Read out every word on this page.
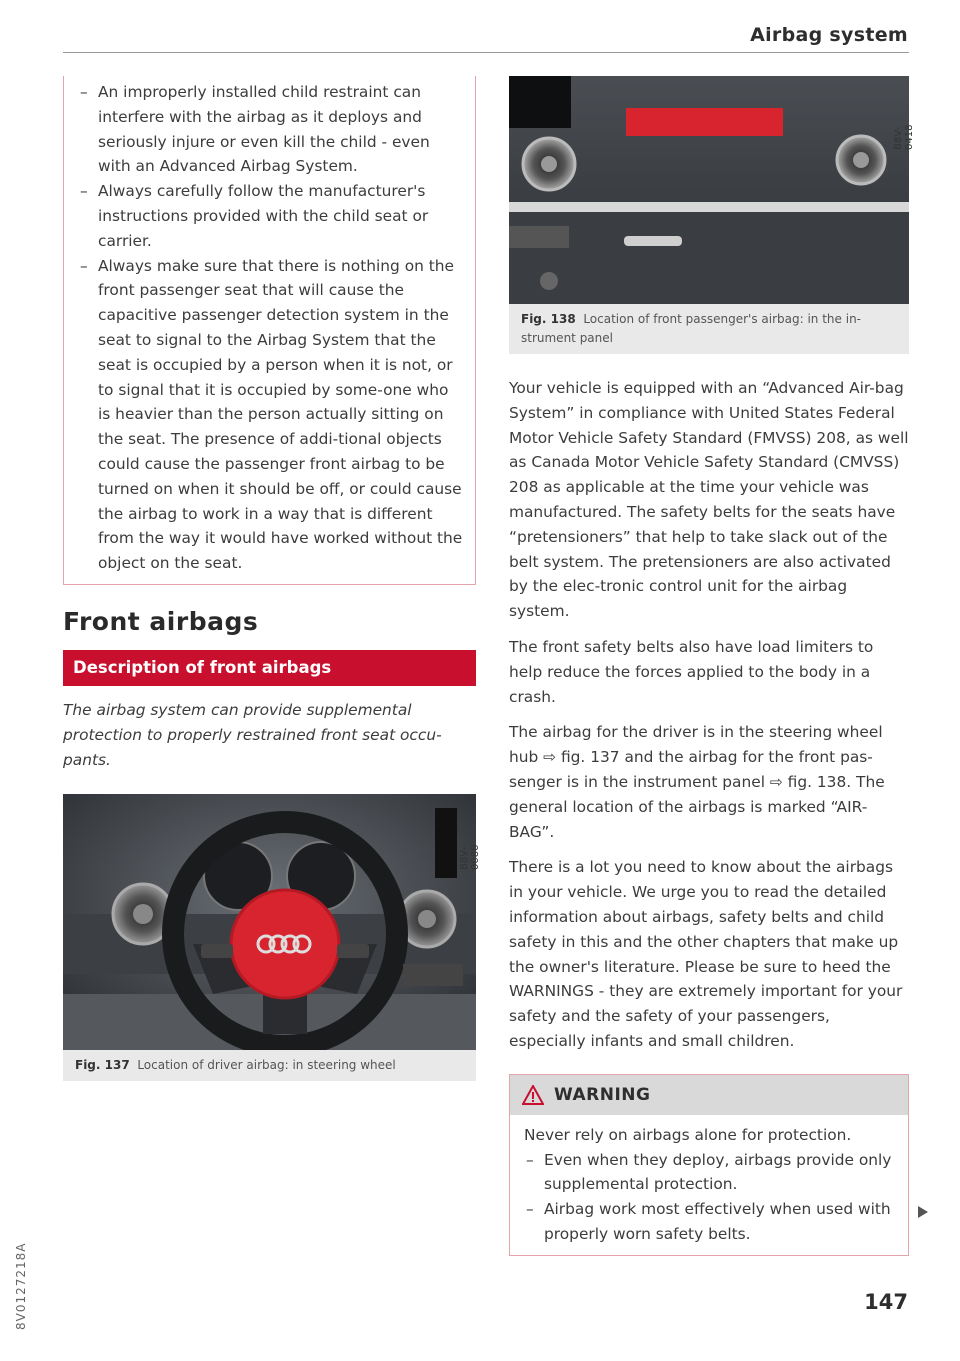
Airbag system
– An improperly installed child restraint can interfere with the airbag as it deploys and seriously injure or even kill the child - even with an Advanced Airbag System.
– Always carefully follow the manufacturer's instructions provided with the child seat or carrier.
– Always make sure that there is nothing on the front passenger seat that will cause the capacitive passenger detection system in the seat to signal to the Airbag System that the seat is occupied by a person when it is not, or to signal that it is occupied by some-one who is heavier than the person actually sitting on the seat. The presence of addi-tional objects could cause the passenger front airbag to be turned on when it should be off, or could cause the airbag to work in a way that is different from the way it would have worked without the object on the seat.
Front airbags
Description of front airbags

The airbag system can provide supplemental protection to properly restrained front seat occu-pants.

B8V-0080
Fig. 137 Location of driver airbag: in steering wheel
B8V-0418
Fig. 138 Location of front passenger's airbag: in the in-strument panel

Your vehicle is equipped with an “Advanced Air-bag System” in compliance with United States Federal Motor Vehicle Safety Standard (FMVSS) 208, as well as Canada Motor Vehicle Safety Standard (CMVSS) 208 as applicable at the time your vehicle was manufactured. The safety belts for the seats have “pretensioners” that help to take slack out of the belt system. The pretensioners are also activated by the elec-tronic control unit for the airbag system.

The front safety belts also have load limiters to help reduce the forces applied to the body in a crash.

The airbag for the driver is in the steering wheel hub ⇨ fig. 137 and the airbag for the front pas-senger is in the instrument panel ⇨ fig. 138. The general location of the airbags is marked “AIR-BAG”.

There is a lot you need to know about the airbags in your vehicle. We urge you to read the detailed information about airbags, safety belts and child safety in this and the other chapters that make up the owner's literature. Please be sure to heed the WARNINGS - they are extremely important for your safety and the safety of your passengers, especially infants and small children.

WARNING

Never rely on airbags alone for protection.

– Even when they deploy, airbags provide only supplemental protection.
– Airbag work most effectively when used with properly worn safety belts.
147
8V0127218A
